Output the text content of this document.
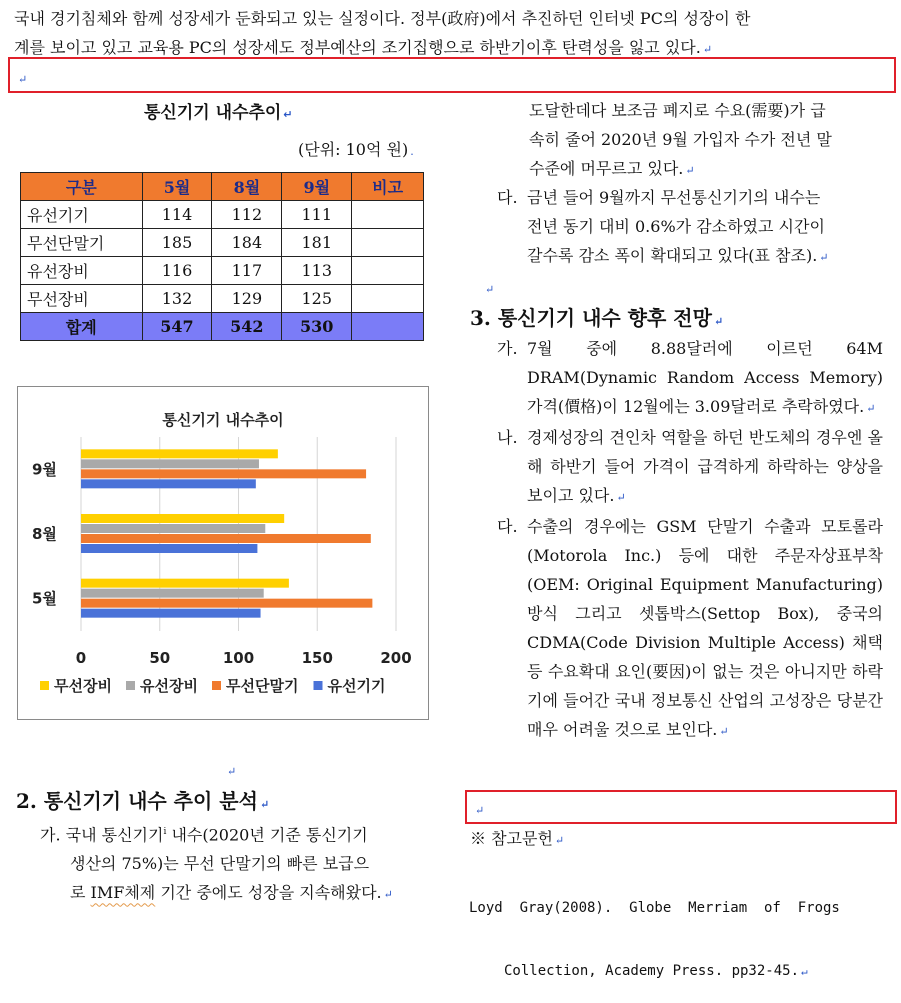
국내 경기침체와 함께 성장세가 둔화되고 있는 실정이다. 정부(政府)에서 추진하던 인터넷 PC의 성장이 한
계를 보이고 있고 교육용 PC의 성장세도 정부예산의 조기집행으로 하반기이후 탄력성을 잃고 있다. ↵
↵
통신기기 내수추이 ↵
(단위: 10억 원) .
구분	5월	8월	9월	비고
유선기기	114	112	111	
무선단말기	185	184	181	
유선장비	116	117	113	
무선장비	132	129	125	
합계	547	542	530	
통신기기 내수추이
0	50	100	150	200
9월
8월
5월
무선장비 유선장비 무선단말기 유선기기
↵
2. 통신기기 내수 추이 분석 ↵
가. 국내 통신기기$^i$ 내수(2020년 기준 통신기기
생산의 75%)는 무선 단말기의 빠른 보급으
로 IMF체제 기간 중에도 성장을 지속해왔다. ↵
도달한데다 보조금 폐지로 수요(需要)가 급
속히 줄어 2020년 9월 가입자 수가 전년 말
수준에 머무르고 있다. ↵
다. 금년 들어 9월까지 무선통신기기의 내수는
전년 동기 대비 0.6%가 감소하였고 시간이
갈수록 감소 폭이 확대되고 있다(표 참조). ↵
↵
3. 통신기기 내수 향후 전망 ↵
가. 7월 중에 8.88달러에 이르던 64M DRAM(Dynamic Random Access Memory) 가격(價格)이 12월에는 3.09달러로 추락하였다. ↵
나. 경제성장의 견인차 역할을 하던 반도체의 경우엔 올해 하반기 들어 가격이 급격하게 하락하는 양상을 보이고 있다. ↵
다. 수출의 경우에는 GSM 단말기 수출과 모토롤라(Motorola Inc.) 등에 대한 주문자상표부착(OEM: Original Equipment Manufacturing) 방식 그리고 셋톱박스(Settop Box), 중국의 CDMA(Code Division Multiple Access) 채택 등 수요확대 요인(要因)이 없는 것은 아니지만 하락기에 들어간 국내 정보통신 산업의 고성장은 당분간 매우 어려울 것으로 보인다. ↵
↵
※ 참고문헌 ↵

Loyd  Gray(2008).  Globe  Merriam  of  Frogs

Collection, Academy Press. pp32-45. ↵
